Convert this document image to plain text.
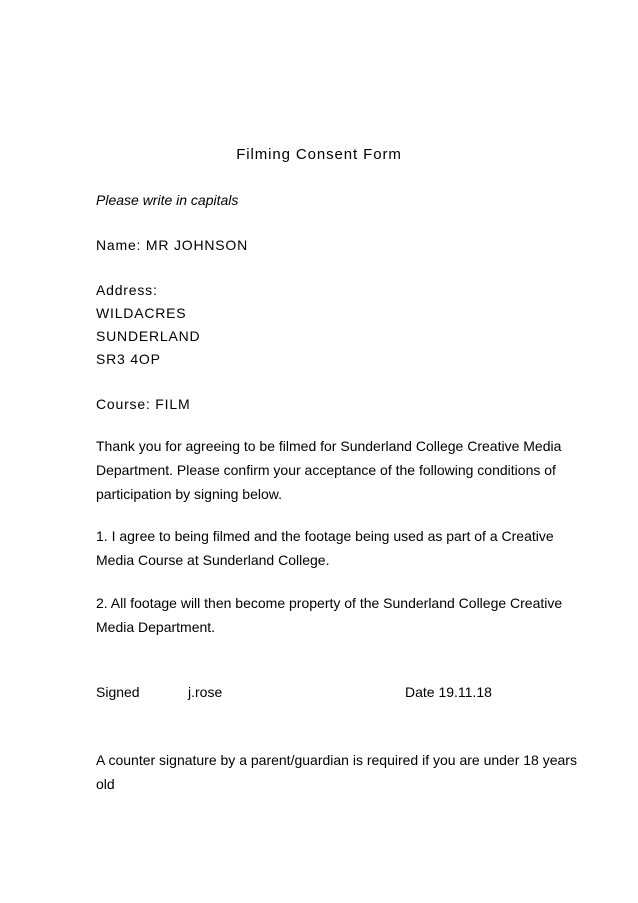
Filming Consent Form
Please write in capitals
Name: MR JOHNSON
Address:
WILDACRES
SUNDERLAND
SR3 4OP
Course: FILM
Thank you for agreeing to be filmed for Sunderland College Creative Media
Department. Please confirm your acceptance of the following conditions of
participation by signing below.
1. I agree to being filmed and the footage being used as part of a Creative
Media Course at Sunderland College.
2. All footage will then become property of the Sunderland College Creative
Media Department.
Signed	j.rose	Date 19.11.18
A counter signature by a parent/guardian is required if you are under 18 years
old
